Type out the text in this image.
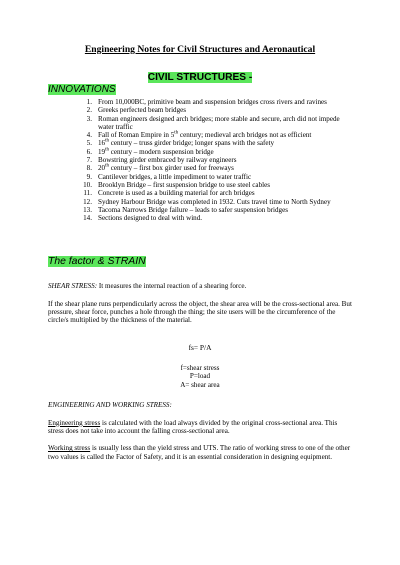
Engineering Notes for Civil Structures and Aeronautical
CIVIL STRUCTURES -
INNOVATIONS
1. From 10,000BC, primitive beam and suspension bridges cross rivers and ravines
2. Greeks perfected beam bridges
3. Roman engineers designed arch bridges; more stable and secure, arch did not impede water traffic
4. Fall of Roman Empire in 5th century; medieval arch bridges not as efficient
5. 16th century – truss girder bridge; longer spans with the safety
6. 19th century – modern suspension bridge
7. Bowstring girder embraced by railway engineers
8. 20th century – first box girder used for freeways
9. Cantilever bridges, a little impediment to water traffic
10. Brooklyn Bridge – first suspension bridge to use steel cables
11. Concrete is used as a building material for arch bridges
12. Sydney Harbour Bridge was completed in 1932. Cuts travel time to North Sydney
13. Tacoma Narrows Bridge failure – leads to safer suspension bridges
14. Sections designed to deal with wind.
The factor & STRAIN

SHEAR STRESS: It measures the internal reaction of a shearing force.

If the shear plane runs perpendicularly across the object, the shear area will be the cross-sectional area. But pressure, shear force, punches a hole through the thing; the site users will be the circumference of the circle/s multiplied by the thickness of the material.

fs= P/A
f=shear stress
P=load
A= shear area

ENGINEERING AND WORKING STRESS:

Engineering stress is calculated with the load always divided by the original cross-sectional area. This stress does not take into account the falling cross-sectional area.

Working stress is usually less than the yield stress and UTS. The ratio of working stress to one of the other two values is called the Factor of Safety, and it is an essential consideration in designing equipment.
